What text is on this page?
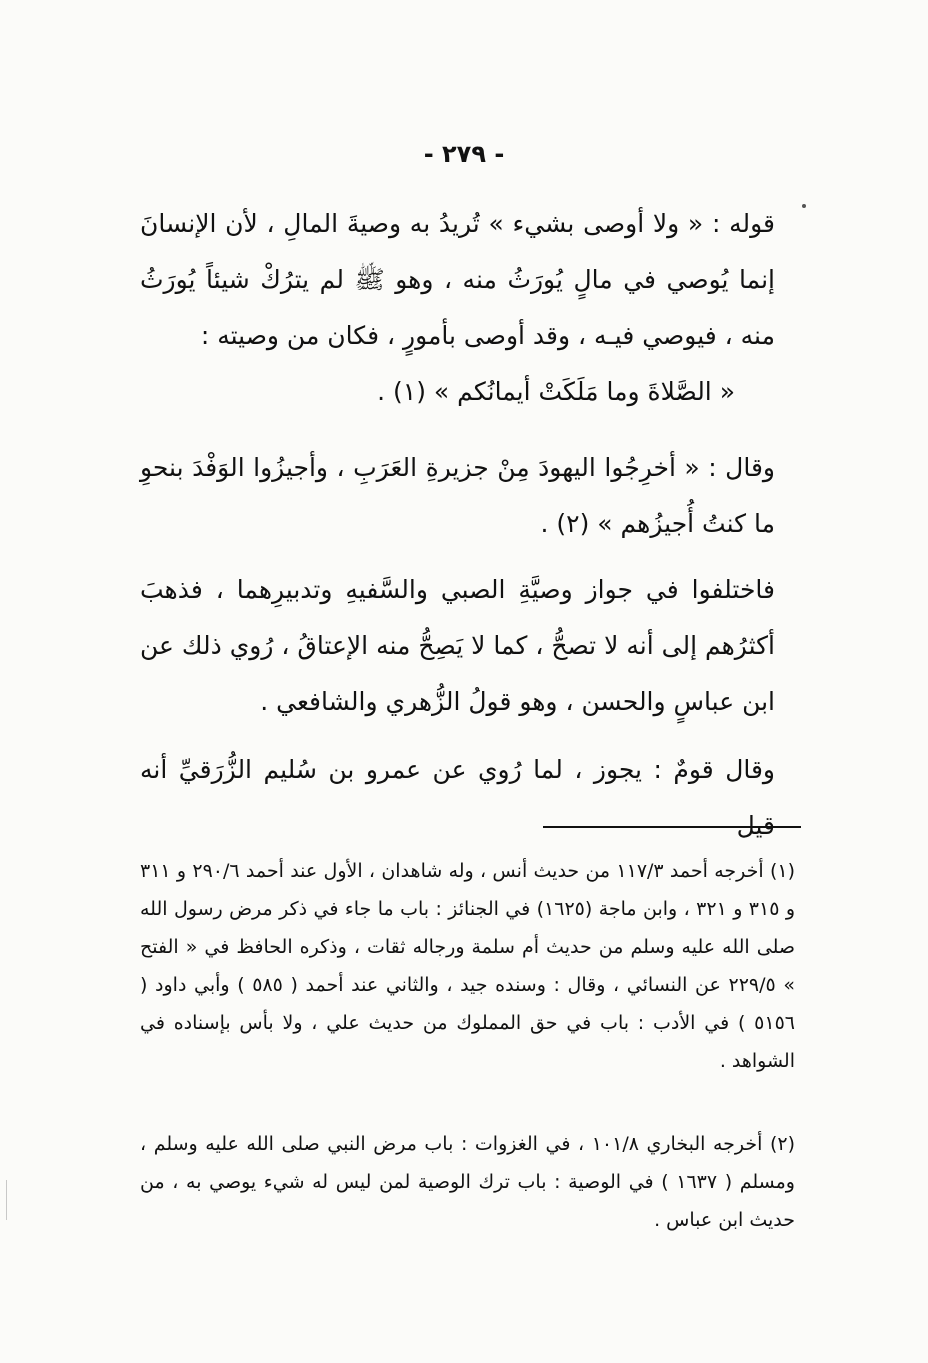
- ٢٧٩ -

قوله : « ولا أوصى بشيء » تُريدُ به وصيةَ المالِ ، لأن الإنسانَ إنما يُوصي في مالٍ يُورَثُ منه ، وهو ﷺ لم يترُكْ شيئاً يُورَثُ منه ، فيوصي فيـه ، وقد أوصى بأمورٍ ، فكان من وصيته :

« الصَّلاةَ وما مَلَكَتْ أيمانُكم » (١) .

وقال : « أخرِجُوا اليهودَ مِنْ جزيرةِ العَرَبِ ، وأجيزُوا الوَفْدَ بنحوِ ما كنتُ أُجيزُهم » (٢) .

فاختلفوا في جواز وصيَّةِ الصبي والسَّفيهِ وتدبيرِهما ، فذهبَ أكثرُهم إلى أنه لا تصحُّ ، كما لا يَصِحُّ منه الإعتاقُ ، رُوي ذلك عن ابن عباسٍ والحسن ، وهو قولُ الزُّهري والشافعي .

وقال قومٌ : يجوز ، لما رُوي عن عمرو بن سُليم الزُّرَقيِّ أنه قيل

(١) أخرجه أحمد ١١٧/٣ من حديث أنس ، وله شاهدان ، الأول عند أحمد ٢٩٠/٦ و ٣١١ و ٣١٥ و ٣٢١ ، وابن ماجة (١٦٢٥) في الجنائز : باب ما جاء في ذكر مرض رسول الله صلى الله عليه وسلم من حديث أم سلمة ورجاله ثقات ، وذكره الحافظ في « الفتح » ٢٢٩/٥ عن النسائي ، وقال : وسنده جيد ، والثاني عند أحمد ( ٥٨٥ ) وأبي داود ( ٥١٥٦ ) في الأدب : باب في حق المملوك من حديث علي ، ولا بأس بإسناده في الشواهد .

(٢) أخرجه البخاري ١٠١/٨ ، في الغزوات : باب مرض النبي صلى الله عليه وسلم ، ومسلم ( ١٦٣٧ ) في الوصية : باب ترك الوصية لمن ليس له شيء يوصي به ، من حديث ابن عباس .
